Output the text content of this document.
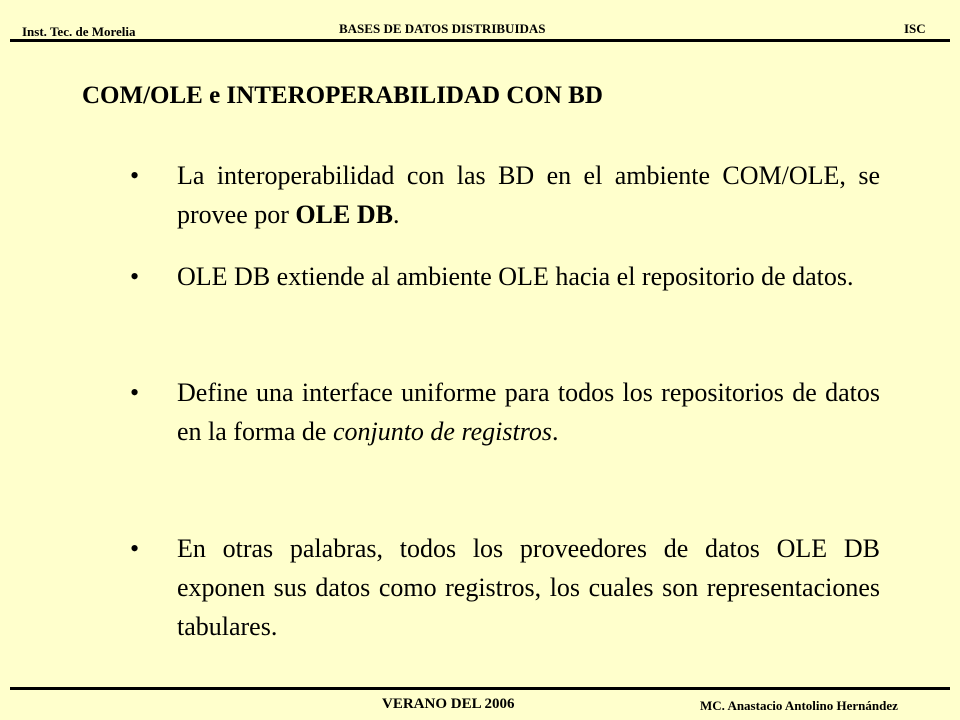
Inst. Tec. de Morelia	BASES DE DATOS DISTRIBUIDAS	ISC
COM/OLE e INTEROPERABILIDAD CON BD
•	La interoperabilidad con las BD en el ambiente COM/OLE, se provee por OLE DB.
•	OLE DB extiende al ambiente OLE hacia el repositorio de datos.
•	Define una interface uniforme para todos los repositorios de datos en la forma de conjunto de registros.
•	En otras palabras, todos los proveedores de datos OLE DB exponen sus datos como registros, los cuales son representaciones tabulares.
VERANO DEL 2006	MC. Anastacio Antolino Hernández
